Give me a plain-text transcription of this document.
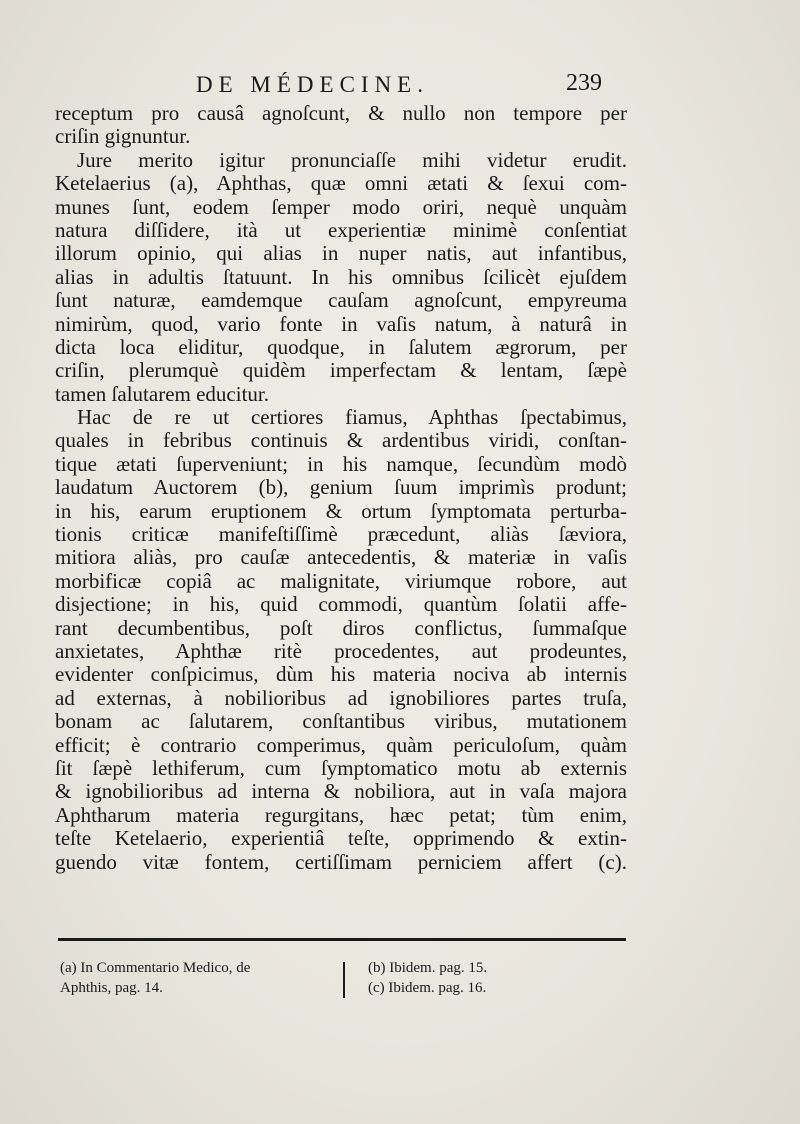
DE MÉDECINE.	239
receptum pro causâ agnoſcunt, & nullo non tempore per
criſin gignuntur.
Jure merito igitur pronunciaſſe mihi videtur erudit.
Ketelaerius (a), Aphthas, quæ omni ætati & ſexui com-
munes ſunt, eodem ſemper modo oriri, nequè unquàm
natura diſſidere, ità ut experientiæ minimè conſentiat
illorum opinio, qui alias in nuper natis, aut infantibus,
alias in adultis ſtatuunt. In his omnibus ſcilicèt ejuſdem
ſunt naturæ, eamdemque cauſam agnoſcunt, empyreuma
nimirùm, quod, vario fonte in vaſis natum, à naturâ in
dicta loca eliditur, quodque, in ſalutem ægrorum, per
criſin, plerumquè quidèm imperfectam & lentam, ſæpè
tamen ſalutarem educitur.
Hac de re ut certiores fiamus, Aphthas ſpectabimus,
quales in febribus continuis & ardentibus viridi, conſtan-
tique ætati ſuperveniunt; in his namque, ſecundùm modò
laudatum Auctorem (b), genium ſuum imprimìs produnt;
in his, earum eruptionem & ortum ſymptomata perturba-
tionis criticæ manifeſtiſſimè præcedunt, aliàs ſæviora,
mitiora aliàs, pro cauſæ antecedentis, & materiæ in vaſis
morbificæ copiâ ac malignitate, viriumque robore, aut
disjectione; in his, quid commodi, quantùm ſolatii affe-
rant decumbentibus, poſt diros conflictus, ſummaſque
anxietates, Aphthæ ritè procedentes, aut prodeuntes,
evidenter conſpicimus, dùm his materia nociva ab internis
ad externas, à nobilioribus ad ignobiliores partes truſa,
bonam ac ſalutarem, conſtantibus viribus, mutationem
efficit; è contrario comperimus, quàm periculoſum, quàm
ſit ſæpè lethiferum, cum ſymptomatico motu ab externis
& ignobilioribus ad interna & nobiliora, aut in vaſa majora
Aphtharum materia regurgitans, hæc petat; tùm enim,
teſte Ketelaerio, experientiâ teſte, opprimendo & extin-
guendo vitæ fontem, certiſſimam perniciem affert (c).
(a) In Commentario Medico, de
Aphthis, pag. 14.
(b) Ibidem. pag. 15.
(c) Ibidem. pag. 16.
